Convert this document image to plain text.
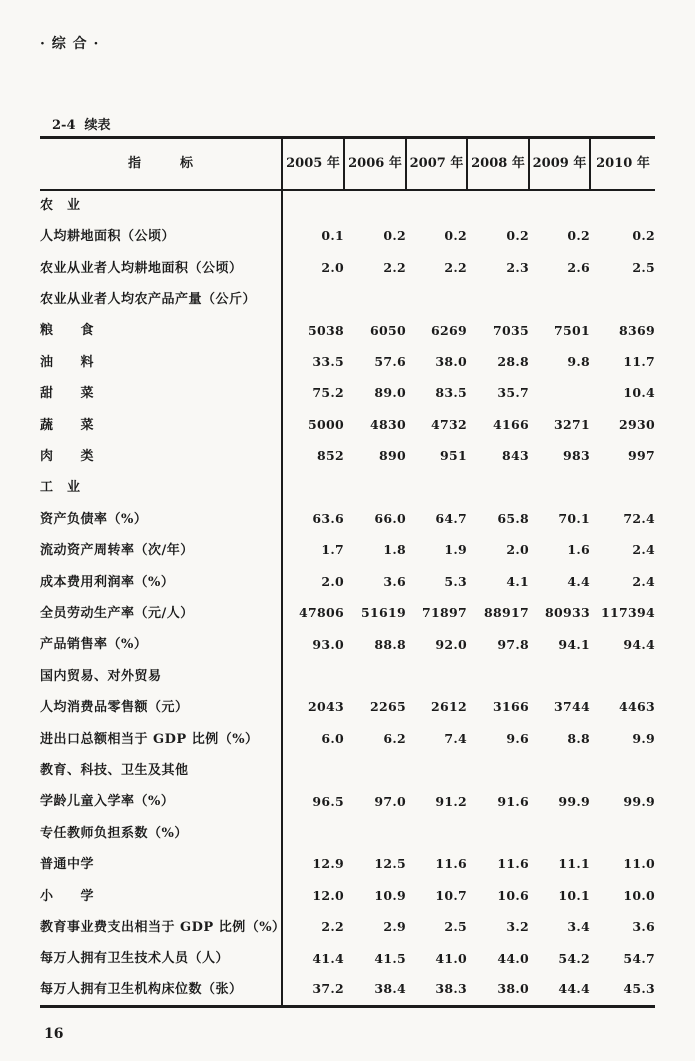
· 综 合 ·
2-4  续表
指　　　标	2005 年	2006 年	2007 年	2008 年	2009 年	2010 年
农　业						
人均耕地面积（公顷）	0.1	0.2	0.2	0.2	0.2	0.2
农业从业者人均耕地面积（公顷）	2.0	2.2	2.2	2.3	2.6	2.5
农业从业者人均农产品产量（公斤）						
粮　　食	5038	6050	6269	7035	7501	8369
油　　料	33.5	57.6	38.0	28.8	9.8	11.7
甜　　菜	75.2	89.0	83.5	35.7		10.4
蔬　　菜	5000	4830	4732	4166	3271	2930
肉　　类	852	890	951	843	983	997
工　业						
资产负债率（%）	63.6	66.0	64.7	65.8	70.1	72.4
流动资产周转率（次/年）	1.7	1.8	1.9	2.0	1.6	2.4
成本费用利润率（%）	2.0	3.6	5.3	4.1	4.4	2.4
全员劳动生产率（元/人）	47806	51619	71897	88917	80933	117394
产品销售率（%）	93.0	88.8	92.0	97.8	94.1	94.4
国内贸易、对外贸易						
人均消费品零售额（元）	2043	2265	2612	3166	3744	4463
进出口总额相当于 GDP 比例（%）	6.0	6.2	7.4	9.6	8.8	9.9
教育、科技、卫生及其他						
学龄儿童入学率（%）	96.5	97.0	91.2	91.6	99.9	99.9
专任教师负担系数（%）						
普通中学	12.9	12.5	11.6	11.6	11.1	11.0
小　　学	12.0	10.9	10.7	10.6	10.1	10.0
教育事业费支出相当于 GDP 比例（%）	2.2	2.9	2.5	3.2	3.4	3.6
每万人拥有卫生技术人员（人）	41.4	41.5	41.0	44.0	54.2	54.7
每万人拥有卫生机构床位数（张）	37.2	38.4	38.3	38.0	44.4	45.3
16
